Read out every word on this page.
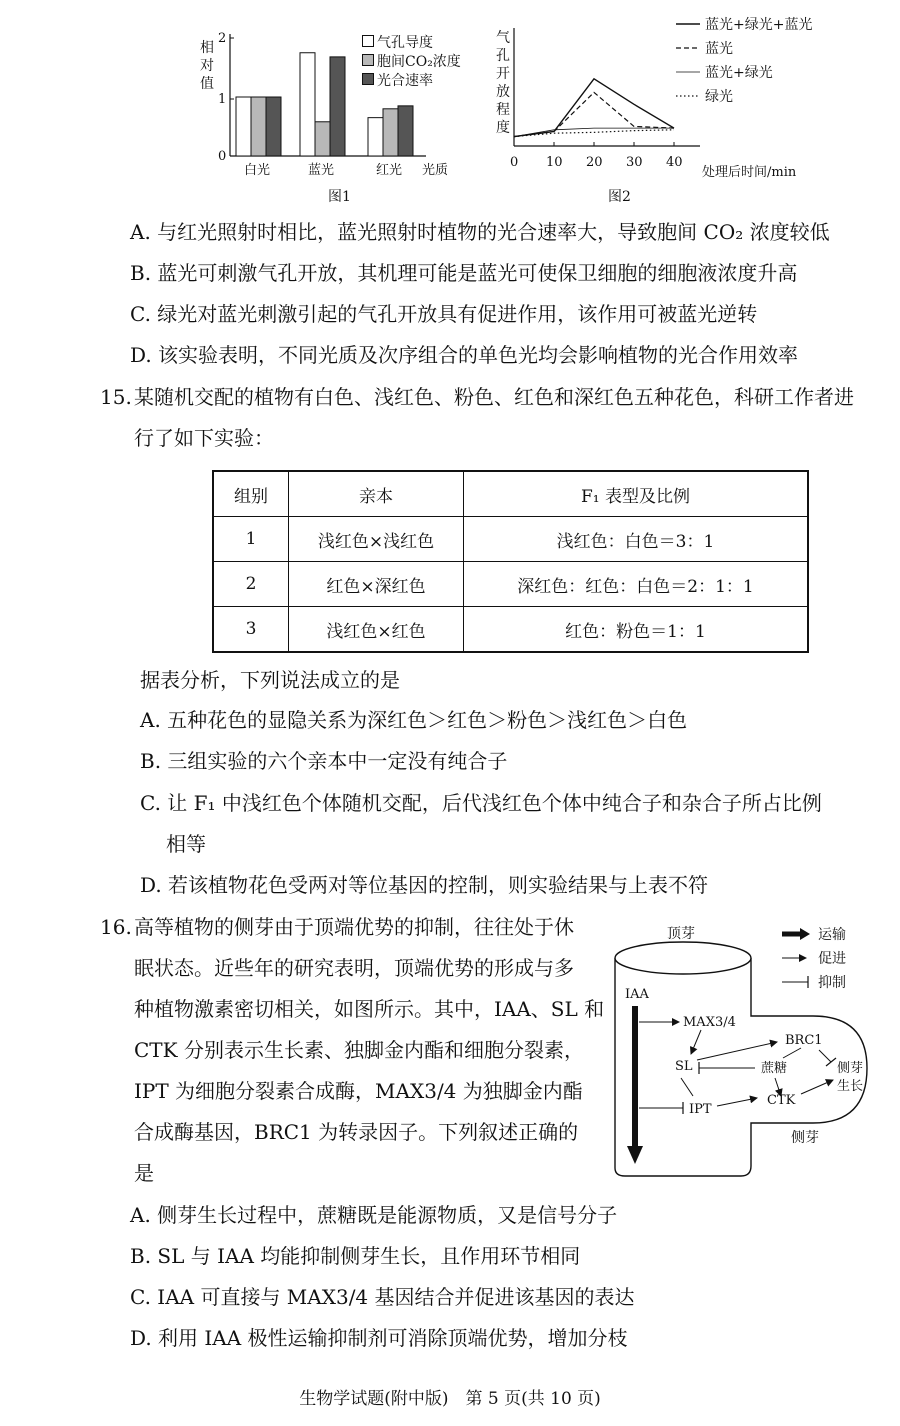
相
对
值
2
1
0
白光	蓝光	红光 光质
气孔导度
胞间CO₂浓度
光合速率
图1
气
孔
开
放
程
度
0 10 20 30 40
处理后时间/min
蓝光+绿光+蓝光
蓝光
蓝光+绿光
绿光
图2
A. 与红光照射时相比，蓝光照射时植物的光合速率大，导致胞间 CO₂ 浓度较低
B. 蓝光可刺激气孔开放，其机理可能是蓝光可使保卫细胞的细胞液浓度升高
C. 绿光对蓝光刺激引起的气孔开放具有促进作用，该作用可被蓝光逆转
D. 该实验表明，不同光质及次序组合的单色光均会影响植物的光合作用效率
15. 某随机交配的植物有白色、浅红色、粉色、红色和深红色五种花色，科研工作者进
行了如下实验：
组别	亲本	F₁ 表型及比例
1	浅红色×浅红色	浅红色：白色＝3：1
2	红色×深红色	深红色：红色：白色＝2：1：1
3	浅红色×红色	红色：粉色＝1：1
据表分析，下列说法成立的是
A. 五种花色的显隐关系为深红色＞红色＞粉色＞浅红色＞白色
B. 三组实验的六个亲本中一定没有纯合子
C. 让 F₁ 中浅红色个体随机交配，后代浅红色个体中纯合子和杂合子所占比例
相等
D. 若该植物花色受两对等位基因的控制，则实验结果与上表不符
16. 高等植物的侧芽由于顶端优势的抑制，往往处于休
眠状态。近些年的研究表明，顶端优势的形成与多
种植物激素密切相关，如图所示。其中，IAA、SL 和
CTK 分别表示生长素、独脚金内酯和细胞分裂素，
IPT 为细胞分裂素合成酶，MAX3/4 为独脚金内酯
合成酶基因，BRC1 为转录因子。下列叙述正确的
是
顶芽
侧芽
IAA
MAX3/4
SL
BRC1
蔗糖	侧芽
生长
IPT
CTK
运输
促进
抑制
A. 侧芽生长过程中，蔗糖既是能源物质，又是信号分子
B. SL 与 IAA 均能抑制侧芽生长，且作用环节相同
C. IAA 可直接与 MAX3/4 基因结合并促进该基因的表达
D. 利用 IAA 极性运输抑制剂可消除顶端优势，增加分枝
生物学试题(附中版)　第 5 页(共 10 页)
